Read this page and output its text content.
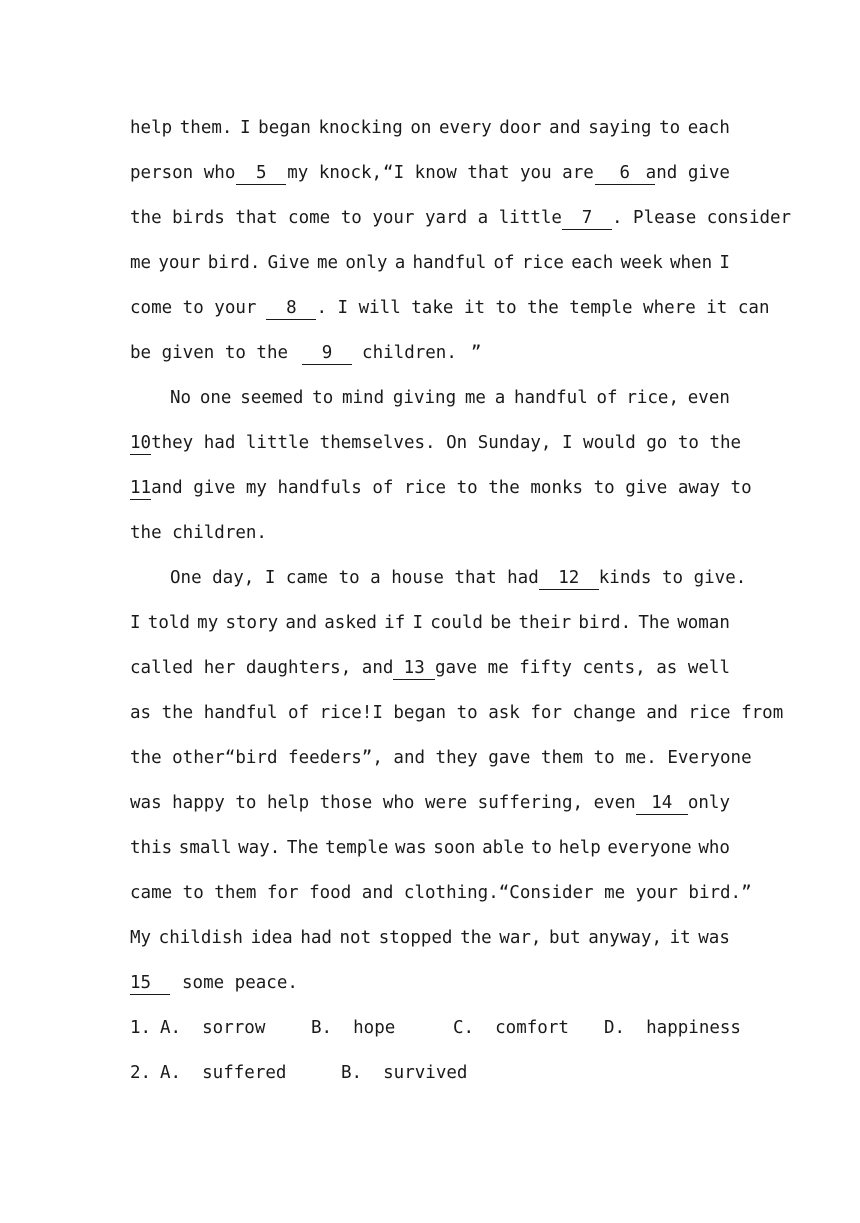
help them. I began knocking on every door and saying to each
person who	5	my knock, “I know that you are	6 and give
the birds that come to your yard a little	7	. Please consider
me your bird. Give me only a handful of rice each week when I
come to your	8	. I will take it to the temple where it can
be given to the	9	children. ”
No one seemed to mind giving me a handful of rice, even
10 they had little themselves. On Sunday, I would go to the
11 and give my handfuls of rice to the monks to give away to
the children.
One day, I came to a house that had	12	kinds to give.
I told my story and asked if I could be their bird. The woman
called her daughters, and 13 gave me fifty cents, as well
as the handful of rice! I began to ask for change and rice from
the other “bird feeders”, and they gave them to me. Everyone
was happy to help those who were suffering, even 14 only
this small way. The temple was soon able to help everyone who
came to them for food and clothing. “Consider me your bird. ”
My childish idea had not stopped the war, but anyway, it was
15	some peace.

1.

A.  sorrow

	B.  hope

	C.  comfort

D.  happiness

2.

A.  suffered

	B.  survived
